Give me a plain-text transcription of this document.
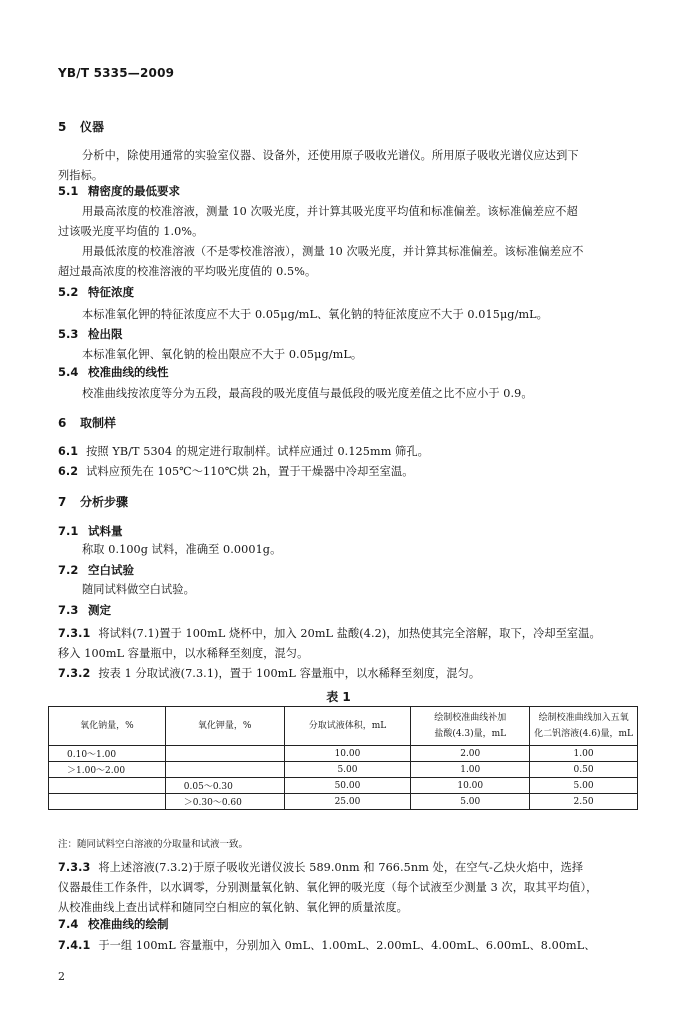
YB/T 5335—2009
5 仪器
分析中，除使用通常的实验室仪器、设备外，还使用原子吸收光谱仪。所用原子吸收光谱仪应达到下
列指标。
5.1 精密度的最低要求
用最高浓度的校准溶液，测量 10 次吸光度，并计算其吸光度平均值和标准偏差。该标准偏差应不超
过该吸光度平均值的 1.0%。
用最低浓度的校准溶液（不是零校准溶液），测量 10 次吸光度，并计算其标准偏差。该标准偏差应不
超过最高浓度的校准溶液的平均吸光度值的 0.5%。
5.2 特征浓度
本标准氧化钾的特征浓度应不大于 0.05μg/mL、氧化钠的特征浓度应不大于 0.015μg/mL。
5.3 检出限
本标准氧化钾、氧化钠的检出限应不大于 0.05μg/mL。
5.4 校准曲线的线性
校准曲线按浓度等分为五段，最高段的吸光度值与最低段的吸光度差值之比不应小于 0.9。
6 取制样
6.1 按照 YB/T 5304 的规定进行取制样。试样应通过 0.125mm 筛孔。
6.2 试料应预先在 105℃～110℃烘 2h，置于干燥器中冷却至室温。
7 分析步骤
7.1 试料量
称取 0.100g 试料，准确至 0.0001g。
7.2 空白试验
随同试料做空白试验。
7.3 测定
7.3.1 将试料(7.1)置于 100mL 烧杯中，加入 20mL 盐酸(4.2)，加热使其完全溶解，取下，冷却至室温。
移入 100mL 容量瓶中，以水稀释至刻度，混匀。
7.3.2 按表 1 分取试液(7.3.1)，置于 100mL 容量瓶中，以水稀释至刻度，混匀。
表 1
氧化钠量，%	氧化钾量，%	分取试液体积，mL	绘制校准曲线补加
盐酸(4.3)量，mL	绘制校准曲线加入五氧
化二钒溶液(4.6)量，mL
0.10～1.00		10.00	2.00	1.00
＞1.00～2.00		5.00	1.00	0.50
	0.05～0.30	50.00	10.00	5.00
	＞0.30～0.60	25.00	5.00	2.50
注：随同试料空白溶液的分取量和试液一致。
7.3.3 将上述溶液(7.3.2)于原子吸收光谱仪波长 589.0nm 和 766.5nm 处，在空气-乙炔火焰中，选择
仪器最佳工作条件，以水调零，分别测量氧化钠、氧化钾的吸光度（每个试液至少测量 3 次，取其平均值），
从校准曲线上查出试样和随同空白相应的氧化钠、氧化钾的质量浓度。
7.4 校准曲线的绘制
7.4.1 于一组 100mL 容量瓶中，分别加入 0mL、1.00mL、2.00mL、4.00mL、6.00mL、8.00mL、
2
